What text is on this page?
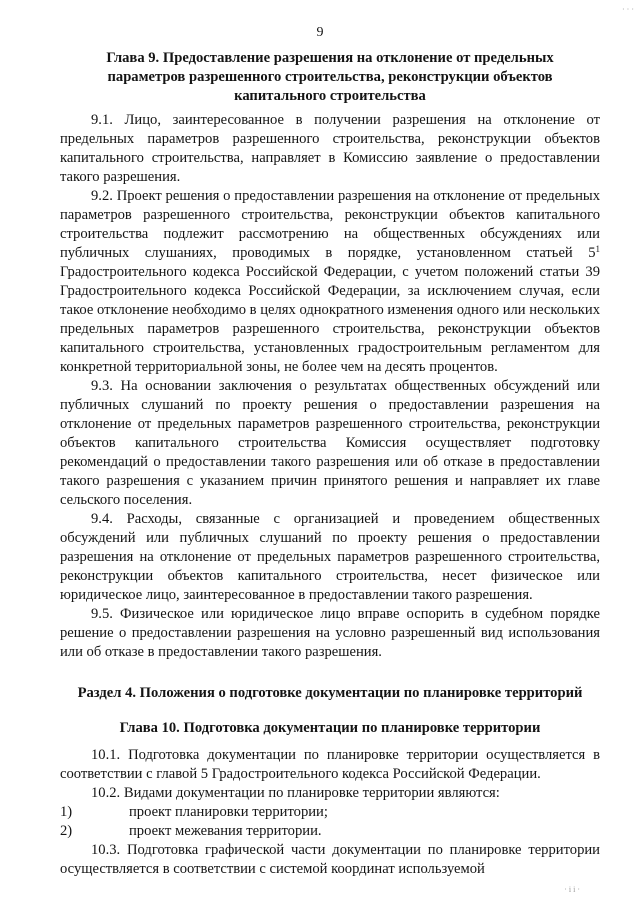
· · ·
9
Глава 9. Предоставление разрешения на отклонение от предельных
параметров разрешенного строительства, реконструкции объектов
капитального строительства

9.1. Лицо, заинтересованное в получении разрешения на отклонение от предельных параметров разрешенного строительства, реконструкции объектов капитального строительства, направляет в Комиссию заявление о предоставлении такого разрешения.

9.2. Проект решения о предоставлении разрешения на отклонение от предельных параметров разрешенного строительства, реконструкции объектов капитального строительства подлежит рассмотрению на общественных обсуждениях или публичных слушаниях, проводимых в порядке, установленном статьей $5^1$ Градостроительного кодекса Российской Федерации, с учетом положений статьи 39 Градостроительного кодекса Российской Федерации, за исключением случая, если такое отклонение необходимо в целях однократного изменения одного или нескольких предельных параметров разрешенного строительства, реконструкции объектов капитального строительства, установленных градостроительным регламентом для конкретной территориальной зоны, не более чем на десять процентов.

9.3. На основании заключения о результатах общественных обсуждений или публичных слушаний по проекту решения о предоставлении разрешения на отклонение от предельных параметров разрешенного строительства, реконструкции объектов капитального строительства Комиссия осуществляет подготовку рекомендаций о предоставлении такого разрешения или об отказе в предоставлении такого разрешения с указанием причин принятого решения и направляет их главе сельского поселения.

9.4. Расходы, связанные с организацией и проведением общественных обсуждений или публичных слушаний по проекту решения о предоставлении разрешения на отклонение от предельных параметров разрешенного строительства, реконструкции объектов капитального строительства, несет физическое или юридическое лицо, заинтересованное в предоставлении такого разрешения.

9.5. Физическое или юридическое лицо вправе оспорить в судебном порядке решение о предоставлении разрешения на условно разрешенный вид использования или об отказе в предоставлении такого разрешения.

Раздел 4. Положения о подготовке документации по планировке территорий
Глава 10. Подготовка документации по планировке территории

10.1. Подготовка документации по планировке территории осуществляется в соответствии с главой 5 Градостроительного кодекса Российской Федерации.

10.2. Видами документации по планировке территории являются:

1)	проект планировки территории;
2)	проект межевания территории.

10.3. Подготовка графической части документации по планировке территории осуществляется в соответствии с системой координат используемой

· i i ·
